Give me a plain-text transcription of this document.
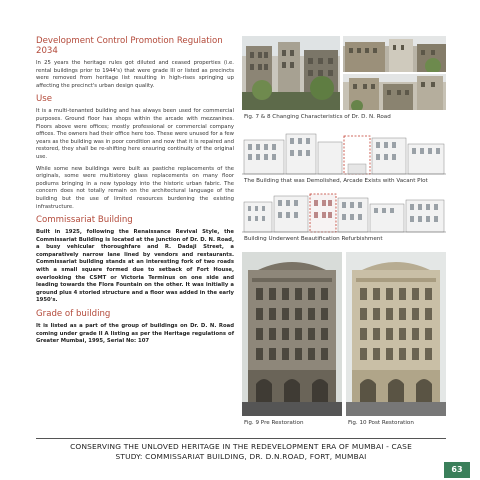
Development Control Promotion Regulation 2034

In 25 years the heritage rules got diluted and ceased properties (i.e. rental buildings prior to 1944's) that were grade III or listed as precincts were removed from heritage list resulting in high-rises springing up affecting the precinct's urban design quality.

Use

It is a multi-tenanted building and has always been used for commercial purposes. Ground floor has shops within the arcade with mezzanines. Floors above were offices; mostly professional or commercial company offices. The owners had their office here too. These were unused for a few years as the building was in poor condition and now that it is repaired and restored, they shall be re-shifting here ensuring continuity of the original use.

While some new buildings were built as pastiche replacements of the originals, some were multistorey glass replacements on many floor podiums bringing in a new typology into the historic urban fabric. The concern does not totally remain on the architectural language of the building but the use of limited resources burdening the existing infrastructure.

Commissariat Building

Built in 1925, following the Renaissance Revival Style, the Commissariat Building is located at the junction of Dr. D. N. Road, a busy vehicular thoroughfare and R. Dadaji Street, a comparatively narrow lane lined by vendors and restaurants. Commissariat building stands at an interesting fork of two roads with a small square formed due to setback of Fort House, overlooking the CSMT or Victoria Terminus on one side and leading towards the Flora Fountain on the other. It was initially a ground plus 4 storied structure and a floor was added in the early 1950's.

Grade of building

It is listed as a part of the group of buildings on Dr. D. N. Road coming under grade II A listing as per the Heritage regulations of Greater Mumbai, 1995, Serial No: 107

Fig. 7 & 8 Changing Characteristics of Dr. D. N. Road
The Building that was Demolished, Arcade Exists with Vacant Plot
Building Underwent Beautification Refurbishment
Fig. 9 Pre Restoration	Fig. 10 Post Restoration
CONSERVING THE UNLOVED HERITAGE IN THE REDEVELOPMENT ERA OF MUMBAI - CASE
STUDY: COMMISSARIAT BUILDING, DR. D.N.ROAD, FORT, MUMBAI
63
